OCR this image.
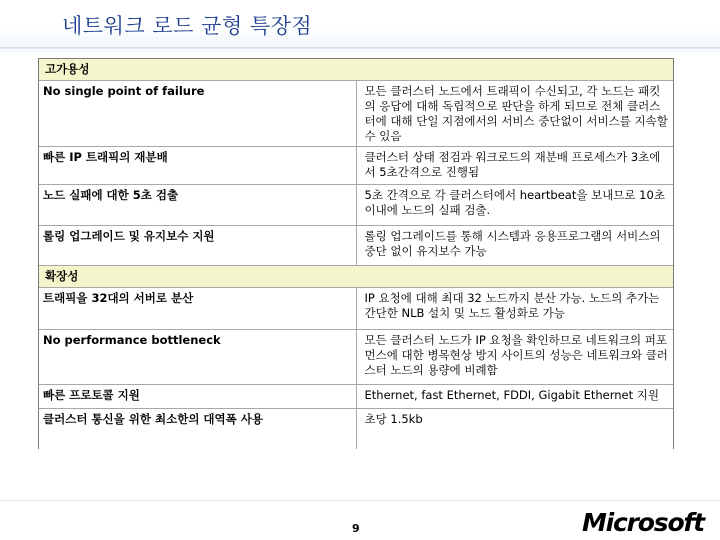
네트워크 로드 균형 특장점
고가용성	
No single point of failure	모든 클러스터 노드에서 트래픽이 수신되고, 각 노드는 패킷의 응답에 대해 독립적으로 판단을 하게 되므로 전체 클러스터에 대해 단일 지점에서의 서비스 중단없이 서비스를 지속할 수 있음
빠른 IP 트래픽의 재분배	클러스터 상태 점검과 워크로드의 재분배 프로세스가 3초에서 5초간격으로 진행됨
노드 실패에 대한 5초 검출	5초 간격으로 각 클러스터에서 heartbeat을 보내므로 10초 이내에 노드의 실패 검출.
롤링 업그레이드 및 유지보수 지원	롤링 업그레이드를 통해 시스템과 응용프로그램의 서비스의 중단 없이 유지보수 가능
확장성	
트래픽을 32대의 서버로 분산	IP 요청에 대해 최대 32 노드까지 분산 가능. 노드의 추가는 간단한 NLB 설치 및 노드 활성화로 가능
No performance bottleneck	모든 클러스터 노드가 IP 요청을 확인하므로 네트워크의 퍼포먼스에 대한 병목현상 방지 사이트의 성능은 네트워크와 클러스터 노드의 용량에 비례함
빠른 프로토콜 지원	Ethernet, fast Ethernet, FDDI, Gigabit Ethernet 지원
클러스터 통신을 위한 최소한의 대역폭 사용	초당 1.5kb
9	Microsoft
